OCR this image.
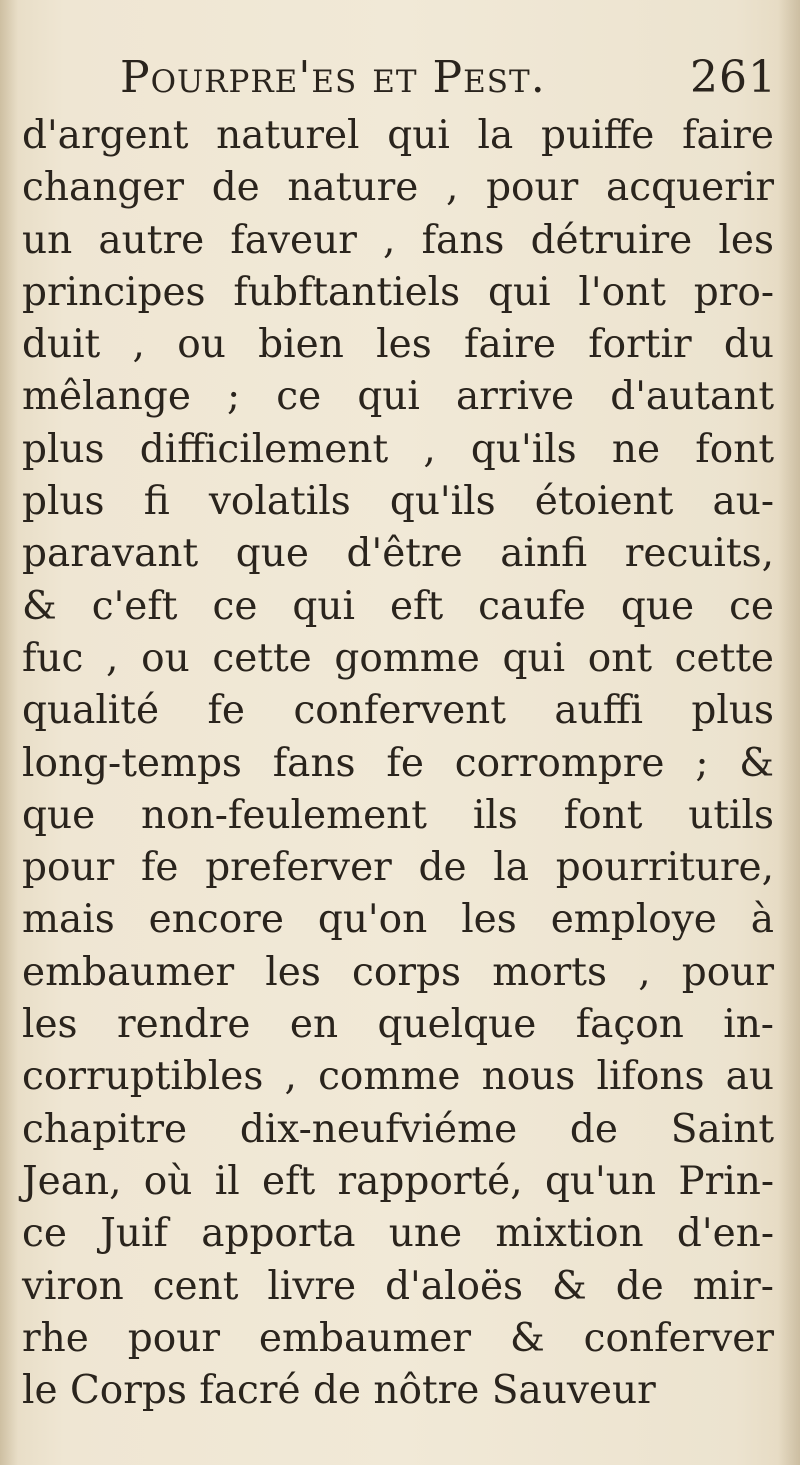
Pourpre'es et Pest.	261
d'argent naturel qui la puiffe faire
changer de nature , pour acquerir
un autre faveur , fans détruire les
principes fubftantiels qui l'ont pro-
duit , ou bien les faire fortir du
mêlange ; ce qui arrive d'autant
plus difficilement , qu'ils ne font
plus fi volatils qu'ils étoient au-
paravant que d'être ainfi recuits,
& c'eft ce qui eft caufe que ce
fuc , ou cette gomme qui ont cette
qualité fe confervent auffi plus
long-temps fans fe corrompre ; &
que non-feulement ils font utils
pour fe preferver de la pourriture,
mais encore qu'on les employe à
embaumer les corps morts , pour
les rendre en quelque façon in-
corruptibles , comme nous lifons au
chapitre dix-neufviéme de Saint
Jean, où il eft rapporté, qu'un Prin-
ce Juif apporta une mixtion d'en-
viron cent livre d'aloës & de mir-
rhe pour embaumer & conferver
le Corps facré de nôtre Sauveur
